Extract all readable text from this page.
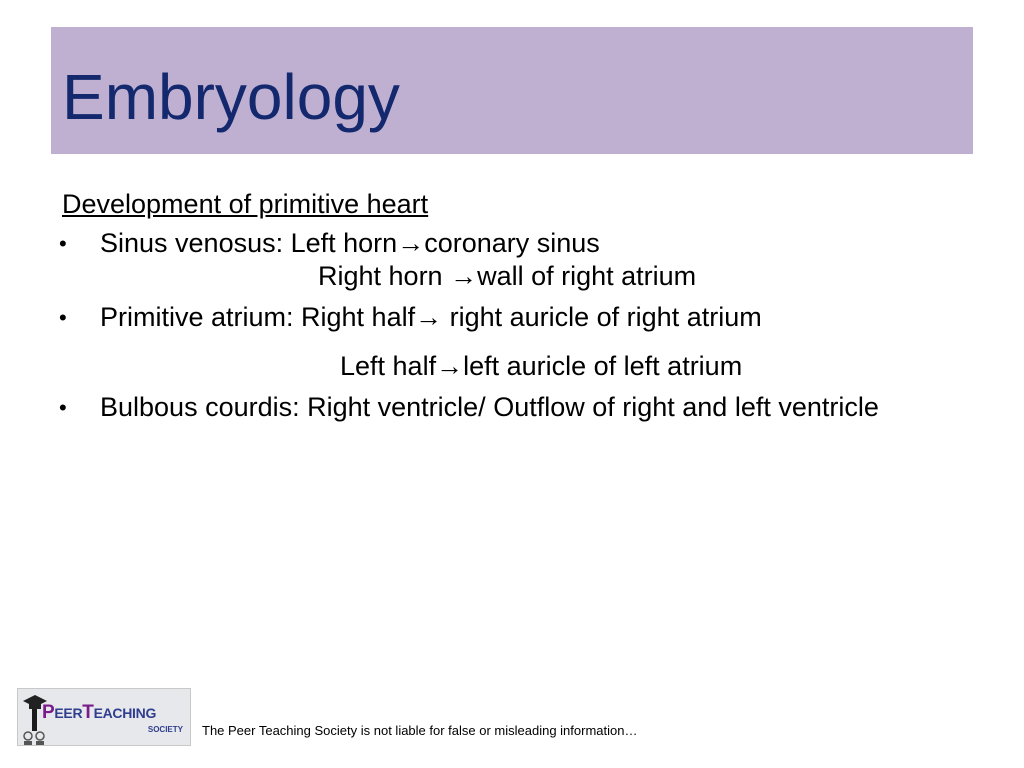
Embryology

Development of primitive heart

• Sinus venosus: Left horn→coronary sinus
Right horn →wall of right atrium
• Primitive atrium: Right half→ right auricle of right atrium
Left half→left auricle of left atrium
• Bulbous courdis: Right ventricle/ Outflow of right and left ventricle
PEERTEACHING
SOCIETY The Peer Teaching Society is not liable for false or misleading information…
